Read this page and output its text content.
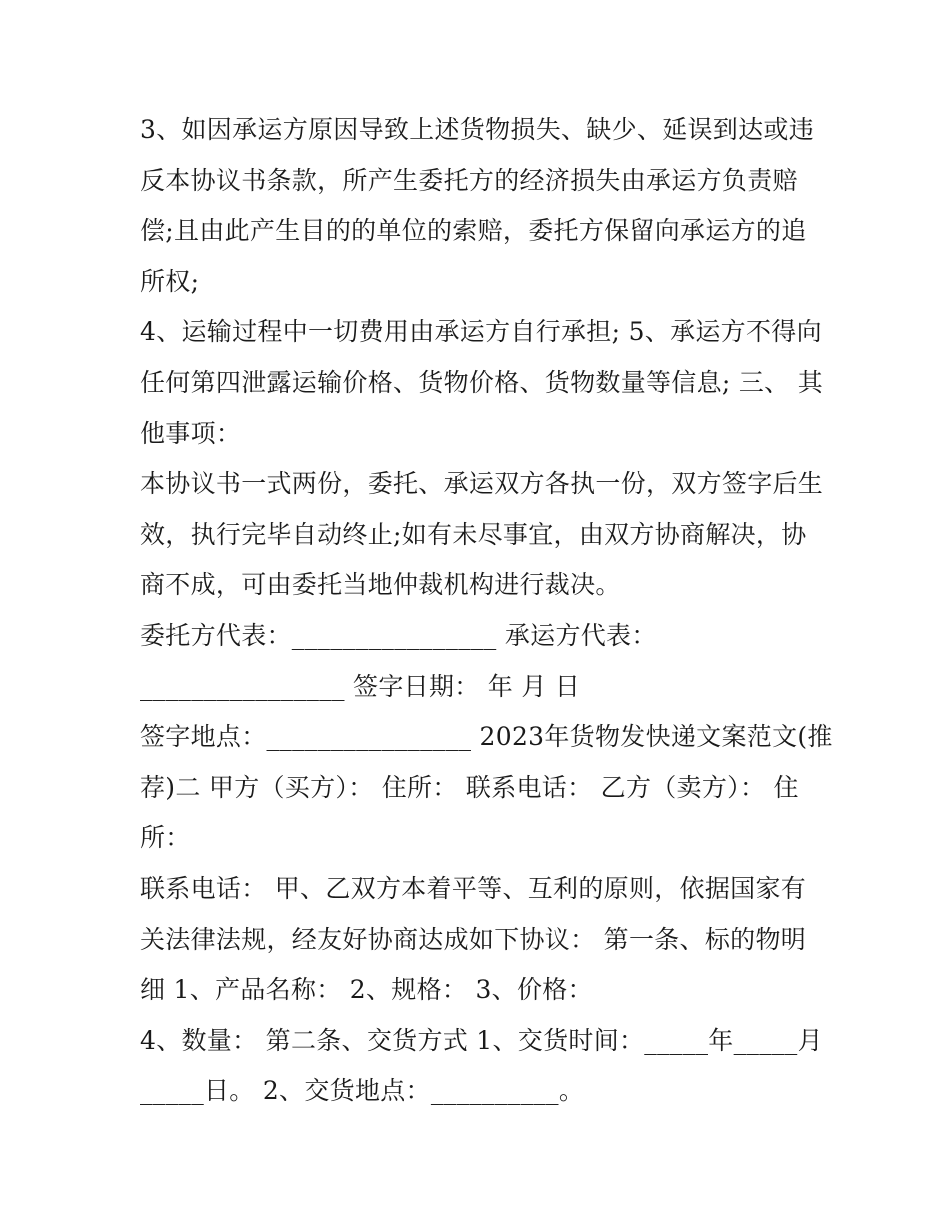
3、如因承运方原因导致上述货物损失、缺少、延误到达或违
反本协议书条款，所产生委托方的经济损失由承运方负责赔
偿;且由此产生目的的单位的索赔，委托方保留向承运方的追
所权;
4、运输过程中一切费用由承运方自行承担; 5、承运方不得向
任何第四泄露运输价格、货物价格、货物数量等信息; 三、 其
他事项：
本协议书一式两份，委托、承运双方各执一份，双方签字后生
效，执行完毕自动终止;如有未尽事宜，由双方协商解决，协
商不成，可由委托当地仲裁机构进行裁决。
委托方代表：________________ 承运方代表：
________________ 签字日期： 年 月 日
签字地点：________________ 2023年货物发快递文案范文(推
荐)二 甲方（买方）： 住所： 联系电话： 乙方（卖方）： 住
所：
联系电话： 甲、乙双方本着平等、互利的原则，依据国家有
关法律法规，经友好协商达成如下协议： 第一条、标的物明
细 1、产品名称： 2、规格： 3、价格：
4、数量： 第二条、交货方式 1、交货时间：_____年_____月
_____日。 2、交货地点：__________。
